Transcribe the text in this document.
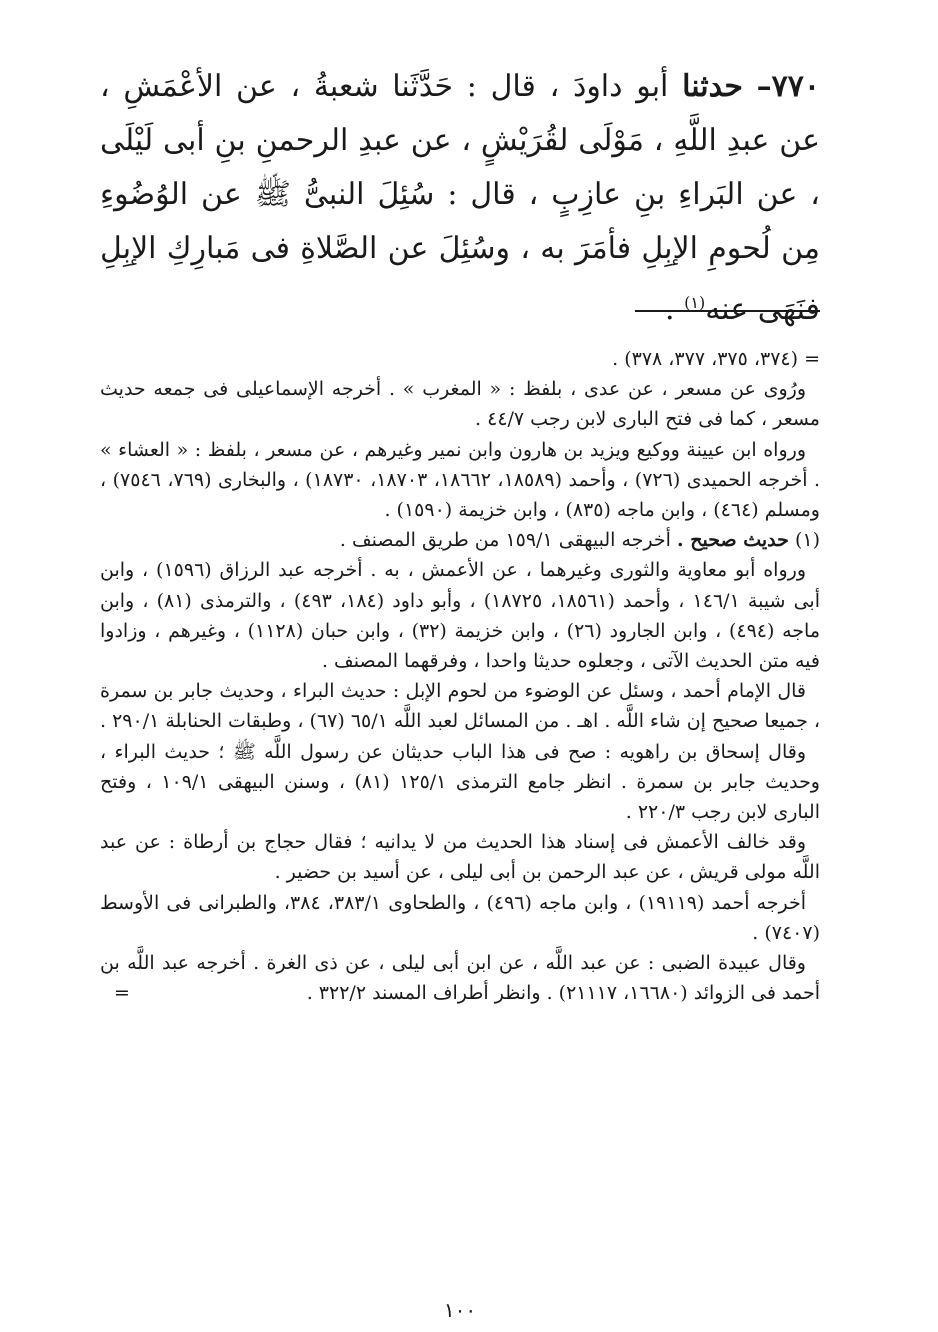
٧٧٠– حدثنا أبو داودَ ، قال : حَدَّثَنا شعبةُ ، عن الأعْمَشِ ، عن عبدِ اللَّهِ ، مَوْلَى لقُرَيْشٍ ، عن عبدِ الرحمنِ بنِ أبى لَيْلَى ، عن البَراءِ بنِ عازِبٍ ، قال : سُئِلَ النبىُّ ﷺ عن الوُضُوءِ مِن لُحومِ الإبِلِ فأمَرَ به ، وسُئِلَ عن الصَّلاةِ فى مَبارِكِ الإبِلِ فنَهَى عنه$^{(١)}$ .

= (٣٧٤، ٣٧٥، ٣٧٧، ٣٧٨) .

ورُوى عن مسعر ، عن عدى ، بلفظ : « المغرب » . أخرجه الإسماعيلى فى جمعه حديث مسعر ، كما فى فتح البارى لابن رجب ٤٤/٧ .

ورواه ابن عيينة ووكيع ويزيد بن هارون وابن نمير وغيرهم ، عن مسعر ، بلفظ : « العشاء » . أخرجه الحميدى (٧٢٦) ، وأحمد (١٨٥٨٩، ١٨٦٦٢، ١٨٧٠٣، ١٨٧٣٠) ، والبخارى (٧٦٩، ٧٥٤٦) ، ومسلم (٤٦٤) ، وابن ماجه (٨٣٥) ، وابن خزيمة (١٥٩٠) .

(١) حديث صحيح . أخرجه البيهقى ١٥٩/١ من طريق المصنف .

ورواه أبو معاوية والثورى وغيرهما ، عن الأعمش ، به . أخرجه عبد الرزاق (١٥٩٦) ، وابن أبى شيبة ١٤٦/١ ، وأحمد (١٨٥٦١، ١٨٧٢٥) ، وأبو داود (١٨٤، ٤٩٣) ، والترمذى (٨١) ، وابن ماجه (٤٩٤) ، وابن الجارود (٢٦) ، وابن خزيمة (٣٢) ، وابن حبان (١١٢٨) ، وغيرهم ، وزادوا فيه متن الحديث الآتى ، وجعلوه حديثا واحدا ، وفرقهما المصنف .

قال الإمام أحمد ، وسئل عن الوضوء من لحوم الإبل : حديث البراء ، وحديث جابر بن سمرة ، جميعا صحيح إن شاء اللَّه . اهـ . من المسائل لعبد اللَّه ٦٥/١ (٦٧) ، وطبقات الحنابلة ٢٩٠/١ .

وقال إسحاق بن راهويه : صح فى هذا الباب حديثان عن رسول اللَّه ﷺ ؛ حديث البراء ، وحديث جابر بن سمرة . انظر جامع الترمذى ١٢٥/١ (٨١) ، وسنن البيهقى ١٠٩/١ ، وفتح البارى لابن رجب ٢٢٠/٣ .

وقد خالف الأعمش فى إسناد هذا الحديث من لا يدانيه ؛ فقال حجاج بن أرطاة : عن عبد اللَّه مولى قريش ، عن عبد الرحمن بن أبى ليلى ، عن أسيد بن حضير .

أخرجه أحمد (١٩١١٩) ، وابن ماجه (٤٩٦) ، والطحاوى ٣٨٣/١، ٣٨٤، والطبرانى فى الأوسط (٧٤٠٧) .

وقال عبيدة الضبى : عن عبد اللَّه ، عن ابن أبى ليلى ، عن ذى الغرة . أخرجه عبد اللَّه بن أحمد فى الزوائد (١٦٦٨٠، ٢١١١٧) . وانظر أطراف المسند ٣٢٢/٢ .
=

١٠٠
